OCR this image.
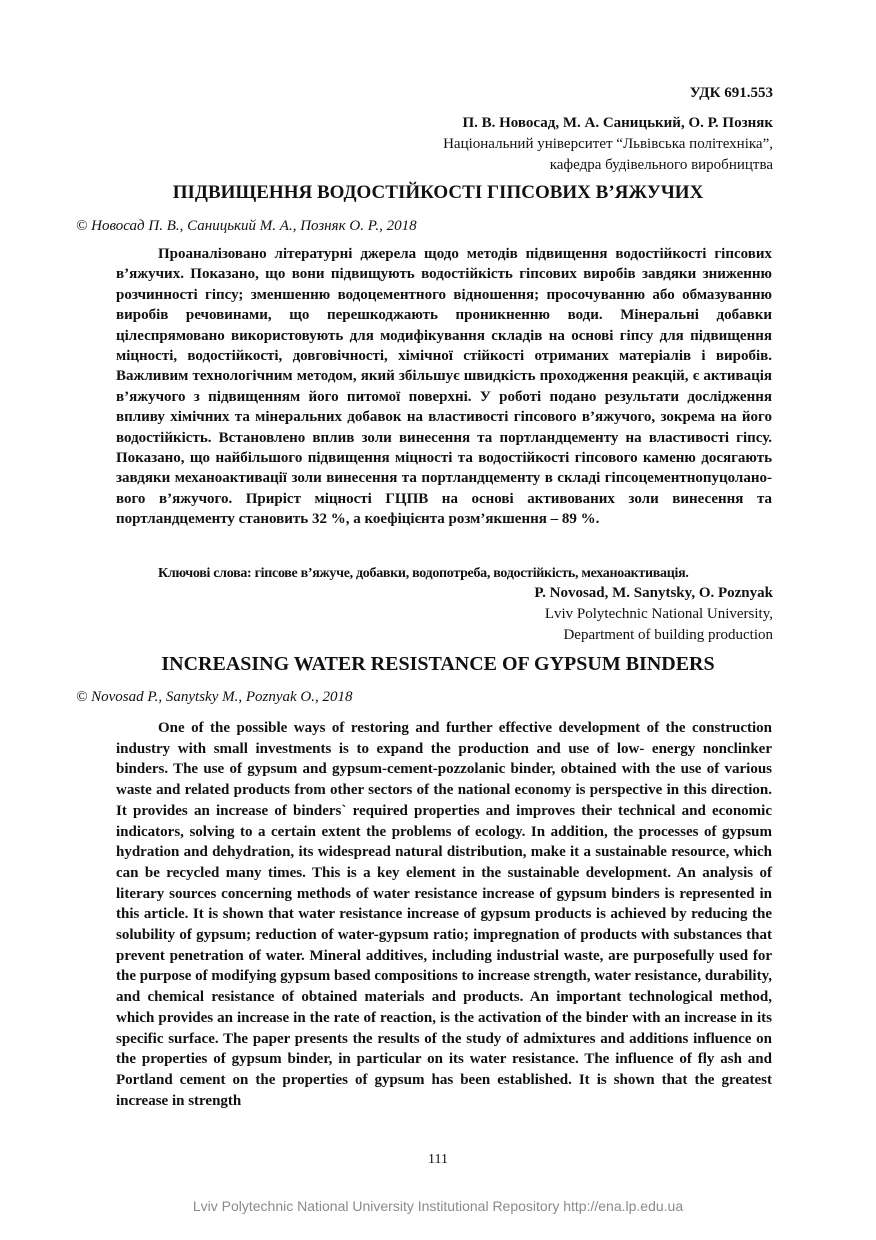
УДК 691.553
П. В. Новосад, М. А. Саницький, О. Р. Позняк
Національний університет “Львівська політехніка”,
кафедра будівельного виробництва
ПІДВИЩЕННЯ ВОДОСТІЙКОСТІ ГІПСОВИХ В’ЯЖУЧИХ
© Новосад П. В., Саницький М. А., Позняк О. Р., 2018
Проаналізовано літературні джерела щодо методів підвищення водостійкості гіпсових в’яжучих. Показано, що вони підвищують водостійкість гіпсових виробів завдяки зниженню розчинності гіпсу; зменшенню водоцементного відношення; просочуванню або обмазуванню виробів речовинами, що перешкоджають проникненню води. Мінеральні добавки цілеспрямовано використовують для модифікування складів на основі гіпсу для підвищення міцності, водостійкості, довговічності, хімічної стійкості отриманих матеріалів і виробів. Важливим технологічним методом, який збільшує швидкість проходження реакцій, є активація в’яжучого з підвищенням його питомої поверхні. У роботі подано результати дослідження впливу хімічних та мінеральних добавок на властивості гіпсового в’яжучого, зокрема на його водостійкість. Встановлено вплив золи винесення та портландцементу на властивості гіпсу. Показано, що найбільшого підвищення міцності та водостійкості гіпсового каменю досягають завдяки механоактивації золи винесення та портландцементу в складі гіпсоцементнопуцолано- вого в’яжучого. Приріст міцності ГЦПВ на основі активованих золи винесення та портландцементу становить 32 %, а коефіцієнта розм’якшення – 89 %.
Ключові слова: гіпсове в’яжуче, добавки, водопотреба, водостійкість, механоактивація.
P. Novosad, M. Sanytsky, O. Poznyak
Lviv Polytechnic National University,
Department of building production
INCREASING WATER RESISTANCE OF GYPSUM BINDERS
© Novosad P., Sanytsky M., Poznyak O., 2018
One of the possible ways of restoring and further effective development of the construction industry with small investments is to expand the production and use of low- energy nonclinker binders. The use of gypsum and gypsum-cement-pozzolanic binder, obtained with the use of various waste and related products from other sectors of the national economy is perspective in this direction. It provides an increase of binders` required properties and improves their technical and economic indicators, solving to a certain extent the problems of ecology. In addition, the processes of gypsum hydration and dehydration, its widespread natural distribution, make it a sustainable resource, which can be recycled many times. This is a key element in the sustainable development. An analysis of literary sources concerning methods of water resistance increase of gypsum binders is represented in this article. It is shown that water resistance increase of gypsum products is achieved by reducing the solubility of gypsum; reduction of water-gypsum ratio; impregnation of products with substances that prevent penetration of water. Mineral additives, including industrial waste, are purposefully used for the purpose of modifying gypsum based compositions to increase strength, water resistance, durability, and chemical resistance of obtained materials and products. An important technological method, which provides an increase in the rate of reaction, is the activation of the binder with an increase in its specific surface. The paper presents the results of the study of admixtures and additions influence on the properties of gypsum binder, in particular on its water resistance. The influence of fly ash and Portland cement on the properties of gypsum has been established. It is shown that the greatest increase in strength
111
Lviv Polytechnic National University Institutional Repository http://ena.lp.edu.ua
